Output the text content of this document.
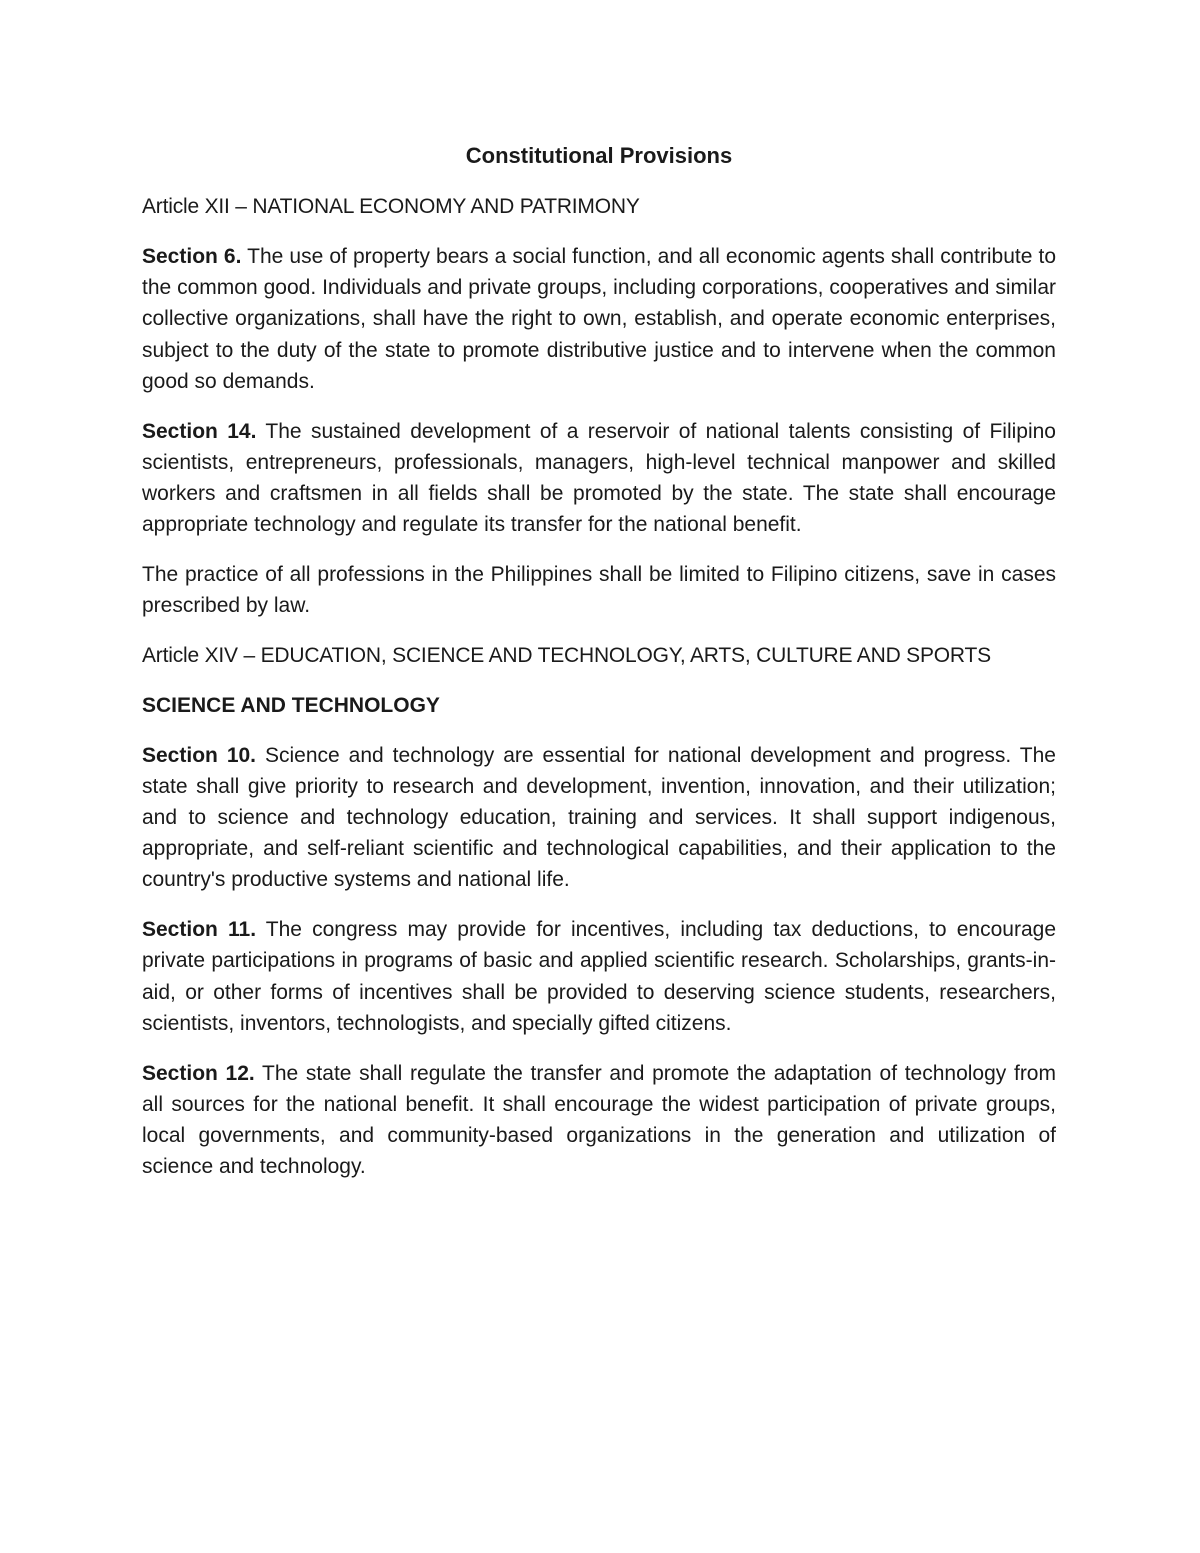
Constitutional Provisions

Article XII – NATIONAL ECONOMY AND PATRIMONY

Section 6. The use of property bears a social function, and all economic agents shall contribute to the common good. Individuals and private groups, including corporations, cooperatives and similar collective organizations, shall have the right to own, establish, and operate economic enterprises, subject to the duty of the state to promote distributive justice and to intervene when the common good so demands.

Section 14. The sustained development of a reservoir of national talents consisting of Filipino scientists, entrepreneurs, professionals, managers, high-level technical manpower and skilled workers and craftsmen in all fields shall be promoted by the state. The state shall encourage appropriate technology and regulate its transfer for the national benefit.

The practice of all professions in the Philippines shall be limited to Filipino citizens, save in cases prescribed by law.

Article XIV – EDUCATION, SCIENCE AND TECHNOLOGY, ARTS, CULTURE AND SPORTS

SCIENCE AND TECHNOLOGY

Section 10. Science and technology are essential for national development and progress. The state shall give priority to research and development, invention, innovation, and their utilization; and to science and technology education, training and services. It shall support indigenous, appropriate, and self-reliant scientific and technological capabilities, and their application to the country's productive systems and national life.

Section 11. The congress may provide for incentives, including tax deductions, to encourage private participations in programs of basic and applied scientific research. Scholarships, grants-in-aid, or other forms of incentives shall be provided to deserving science students, researchers, scientists, inventors, technologists, and specially gifted citizens.

Section 12. The state shall regulate the transfer and promote the adaptation of technology from all sources for the national benefit. It shall encourage the widest participation of private groups, local governments, and community-based organizations in the generation and utilization of science and technology.
